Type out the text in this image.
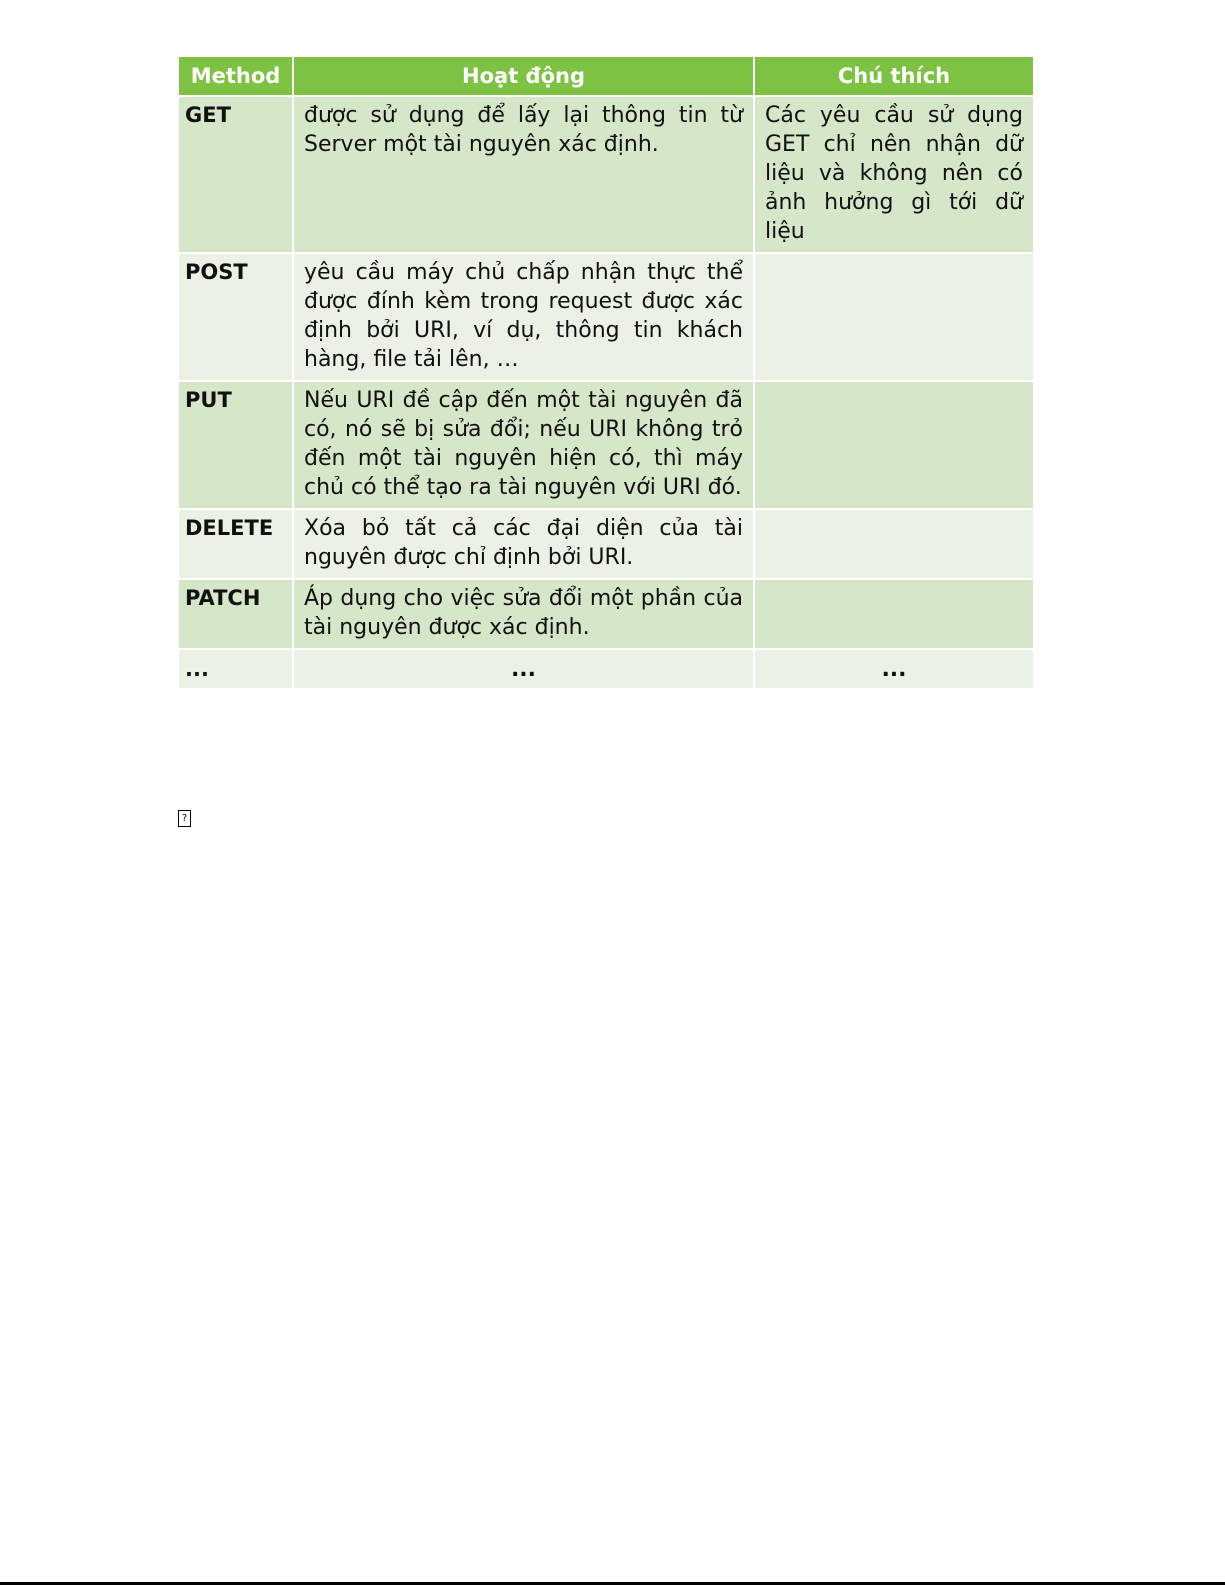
Method	Hoạt động	Chú thích
GET	được sử dụng để lấy lại thông tin từ Server một tài nguyên xác định.	Các yêu cầu sử dụng GET chỉ nên nhận dữ liệu và không nên có ảnh hưởng gì tới dữ liệu
POST	yêu cầu máy chủ chấp nhận thực thể được đính kèm trong request được xác định bởi URI, ví dụ, thông tin khách hàng, file tải lên, …	
PUT	Nếu URI đề cập đến một tài nguyên đã có, nó sẽ bị sửa đổi; nếu URI không trỏ đến một tài nguyên hiện có, thì máy chủ có thể tạo ra tài nguyên với URI đó.	
DELETE	Xóa bỏ tất cả các đại diện của tài nguyên được chỉ định bởi URI.	
PATCH	Áp dụng cho việc sửa đổi một phần của tài nguyên được xác định.	
...	...	...
?
